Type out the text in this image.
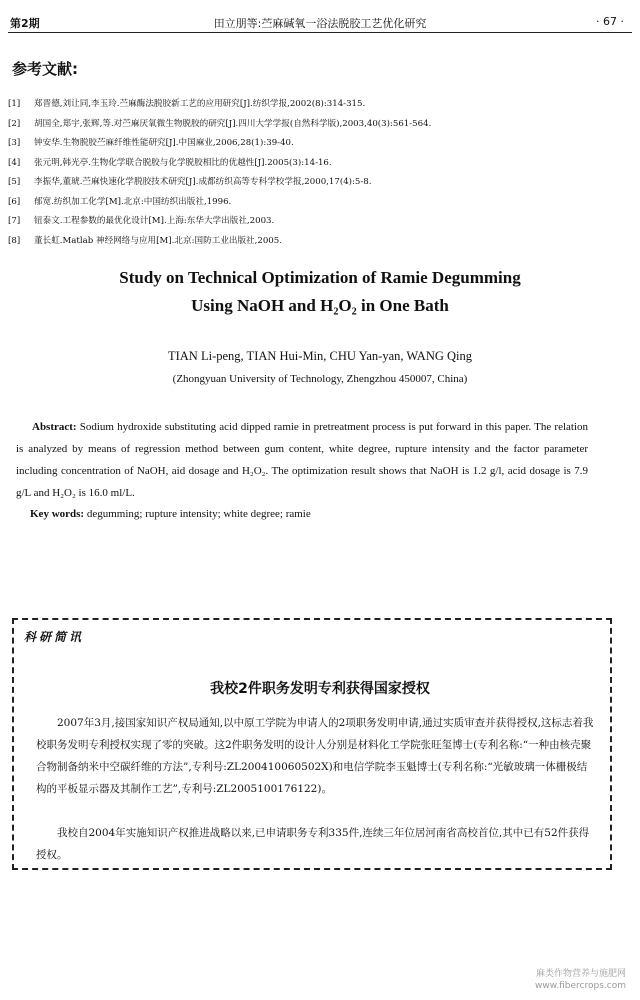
第2期	田立朋等:苎麻碱氧一浴法脱胶工艺优化研究	· 67 ·
参考文献:
[1] 郑晋德,刘让同,李玉玲.苎麻酶法脱胶新工艺的应用研究[J].纺织学报,2002(8):314-315.
[2] 胡国全,郑宇,张辉,等.对苎麻厌氧微生物脱胶的研究[J].四川大学学报(自然科学版),2003,40(3):561-564.
[3] 钟安华.生物脱胶苎麻纤维性能研究[J].中国麻业,2006,28(1):39-40.
[4] 张元明,韩光亭.生物化学联合脱胶与化学脱胶相比的优越性[J].2005(3):14-16.
[5] 李振华,董琥.苎麻快速化学脱胶技术研究[J].成都纺织高等专科学校学报,2000,17(4):5-8.
[6] 郁宽.纺织加工化学[M].北京:中国纺织出版社,1996.
[7] 钮泰文.工程参数的最优化设计[M].上海:东华大学出版社,2003.
[8] 董长虹.Matlab 神经网络与应用[M].北京:国防工业出版社,2005.
Study on Technical Optimization of Ramie Degumming
Using NaOH and H₂O₂ in One Bath
TIAN Li-peng, TIAN Hui-Min, CHU Yan-yan, WANG Qing
(Zhongyuan University of Technology, Zhengzhou 450007, China)

Abstract: Sodium hydroxide substituting acid dipped ramie in pretreatment process is put forward in this paper. The relation is analyzed by means of regression method between gum content, white degree, rupture intensity and the factor parameter including concentration of NaOH, aid dosage and H₂O₂. The optimization result shows that NaOH is 1.2 g/l, acid dosage is 7.9 g/L and H₂O₂ is 16.0 ml/L.

Key words: degumming; rupture intensity; white degree; ramie
科研简讯
我校2件职务发明专利获得国家授权

2007年3月,接国家知识产权局通知,以中原工学院为申请人的2项职务发明申请,通过实质审查并获得授权,这标志着我校职务发明专利授权实现了零的突破。这2件职务发明的设计人分别是材料化工学院张旺玺博士(专利名称:“一种由核壳聚合物制备纳米中空碳纤维的方法”,专利号:ZL200410060502X)和电信学院李玉魁博士(专利名称:“光敏玻璃一体栅极结构的平板显示器及其制作工艺”,专利号:ZL2005100176122)。

我校自2004年实施知识产权推进战略以来,已申请职务专利335件,连续三年位居河南省高校首位,其中已有52件获得授权。

麻类作物营养与施肥网
www.fibercrops.com
